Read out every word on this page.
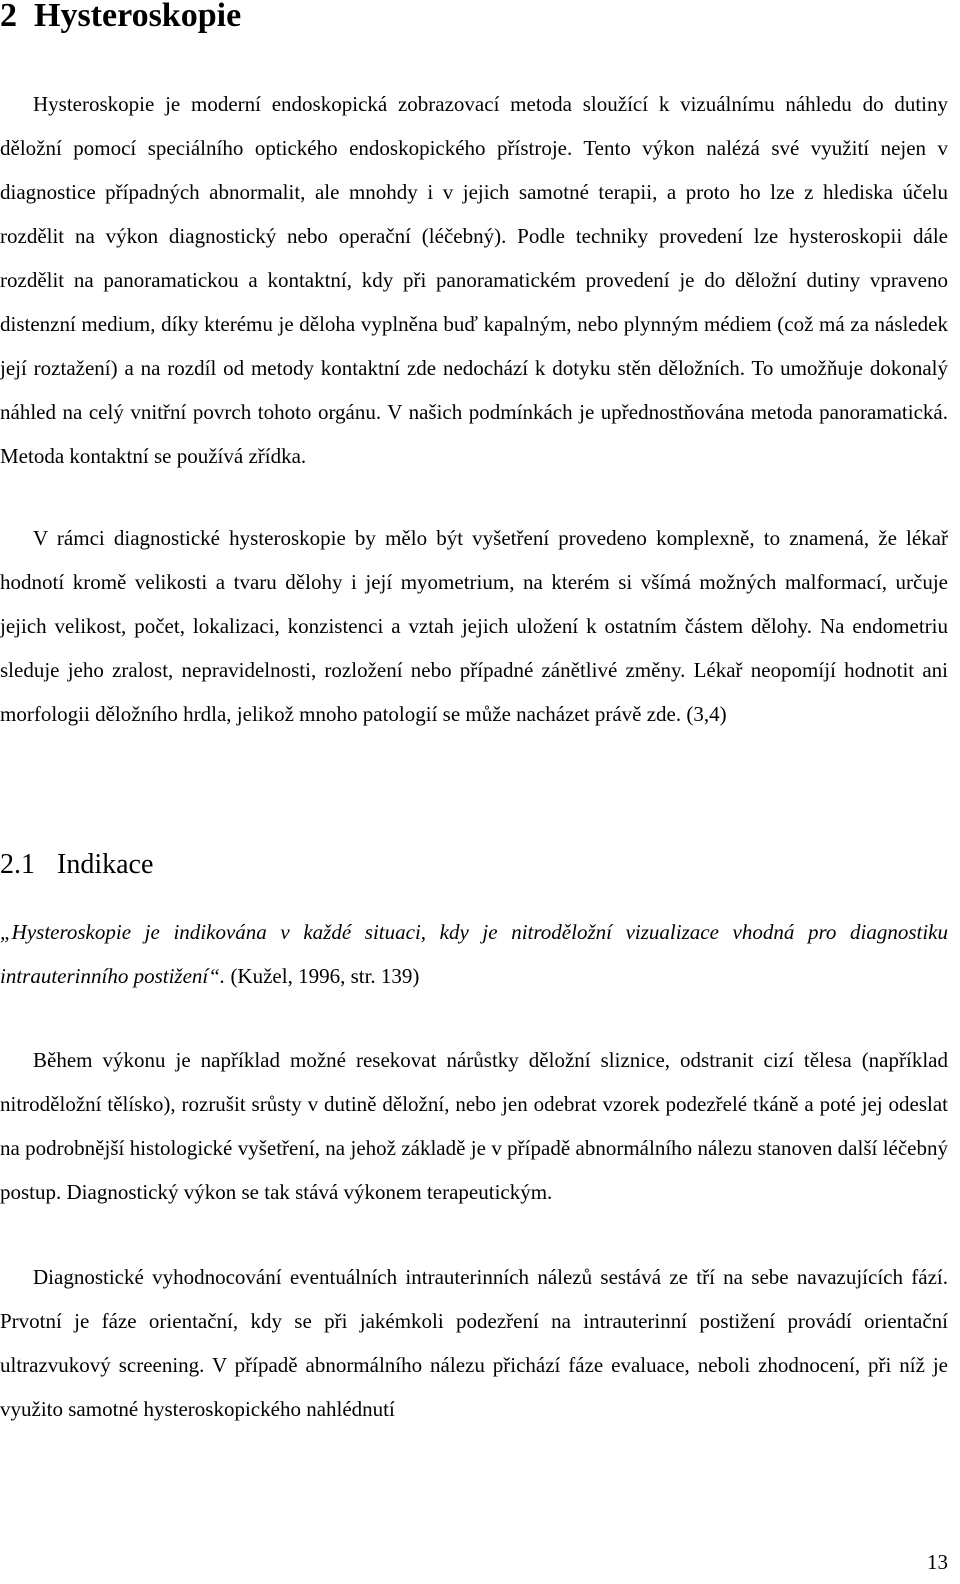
2 Hysteroskopie

Hysteroskopie je moderní endoskopická zobrazovací metoda sloužící k vizuálnímu náhledu do dutiny děložní pomocí speciálního optického endoskopického přístroje. Tento výkon nalézá své využití nejen v diagnostice případných abnormalit, ale mnohdy i v jejich samotné terapii, a proto ho lze z hlediska účelu rozdělit na výkon diagnostický nebo operační (léčebný). Podle techniky provedení lze hysteroskopii dále rozdělit na panoramatickou a kontaktní, kdy při panoramatickém provedení je do děložní dutiny vpraveno distenzní medium, díky kterému je děloha vyplněna buď kapalným, nebo plynným médiem (což má za následek její roztažení) a na rozdíl od metody kontaktní zde nedochází k dotyku stěn děložních. To umožňuje dokonalý náhled na celý vnitřní povrch tohoto orgánu. V našich podmínkách je upřednostňována metoda panoramatická. Metoda kontaktní se používá zřídka.

V rámci diagnostické hysteroskopie by mělo být vyšetření provedeno komplexně, to znamená, že lékař hodnotí kromě velikosti a tvaru dělohy i její myometrium, na kterém si všímá možných malformací, určuje jejich velikost, počet, lokalizaci, konzistenci a vztah jejich uložení k ostatním částem dělohy. Na endometriu sleduje jeho zralost, nepravidelnosti, rozložení nebo případné zánětlivé změny. Lékař neopomíjí hodnotit ani morfologii děložního hrdla, jelikož mnoho patologií se může nacházet právě zde. (3,4)

2.1 Indikace

„Hysteroskopie je indikována v každé situaci, kdy je nitroděložní vizualizace vhodná pro diagnostiku intrauterinního postižení“. (Kužel, 1996, str. 139)

Během výkonu je například možné resekovat nárůstky děložní sliznice, odstranit cizí tělesa (například nitroděložní tělísko), rozrušit srůsty v dutině děložní, nebo jen odebrat vzorek podezřelé tkáně a poté jej odeslat na podrobnější histologické vyšetření, na jehož základě je v případě abnormálního nálezu stanoven další léčebný postup. Diagnostický výkon se tak stává výkonem terapeutickým.

Diagnostické vyhodnocování eventuálních intrauterinních nálezů sestává ze tří na sebe navazujících fází. Prvotní je fáze orientační, kdy se při jakémkoli podezření na intrauterinní postižení provádí orientační ultrazvukový screening. V případě abnormálního nálezu přichází fáze evaluace, neboli zhodnocení, při níž je využito samotné hysteroskopického nahlédnutí

13
